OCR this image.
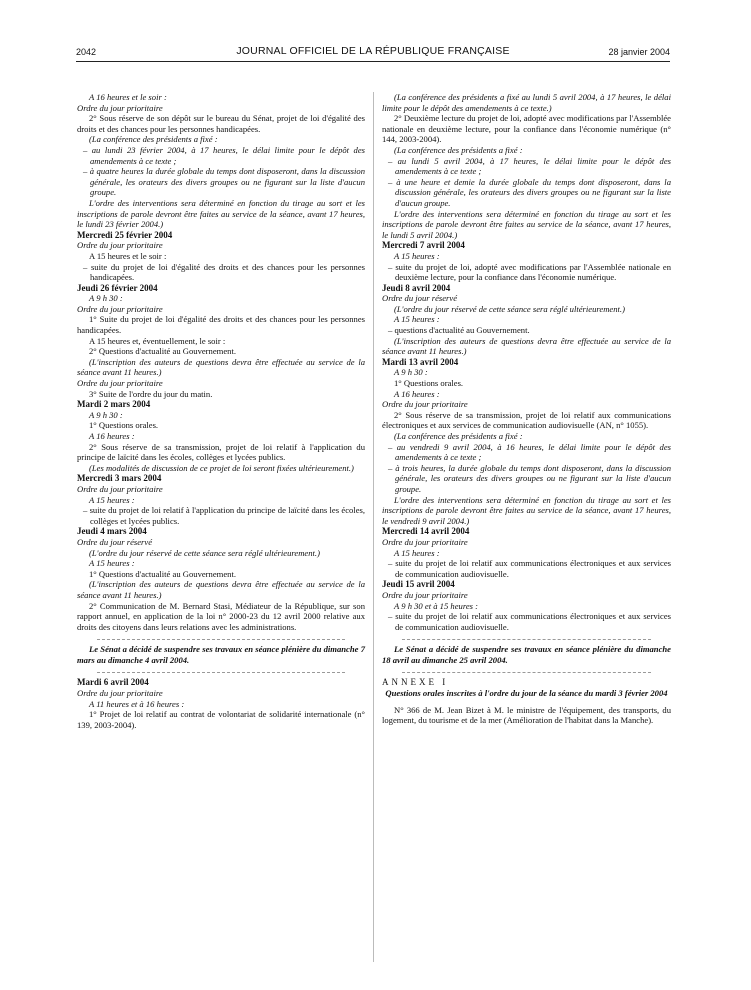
2042	JOURNAL OFFICIEL DE LA RÉPUBLIQUE FRANÇAISE	28 janvier 2004

A 16 heures et le soir :

Ordre du jour prioritaire

2° Sous réserve de son dépôt sur le bureau du Sénat, projet de loi d'égalité des droits et des chances pour les personnes handicapées.

(La conférence des présidents a fixé :

– au lundi 23 février 2004, à 17 heures, le délai limite pour le dépôt des amendements à ce texte ;

– à quatre heures la durée globale du temps dont disposeront, dans la discussion générale, les orateurs des divers groupes ou ne figurant sur la liste d'aucun groupe.

L'ordre des interventions sera déterminé en fonction du tirage au sort et les inscriptions de parole devront être faites au service de la séance, avant 17 heures, le lundi 23 février 2004.)

Mercredi 25 février 2004

Ordre du jour prioritaire

A 15 heures et le soir :

– suite du projet de loi d'égalité des droits et des chances pour les personnes handicapées.

Jeudi 26 février 2004

A 9 h 30 :

Ordre du jour prioritaire

1° Suite du projet de loi d'égalité des droits et des chances pour les personnes handicapées.

A 15 heures et, éventuellement, le soir :

2° Questions d'actualité au Gouvernement.

(L'inscription des auteurs de questions devra être effectuée au service de la séance avant 11 heures.)

Ordre du jour prioritaire

3° Suite de l'ordre du jour du matin.

Mardi 2 mars 2004

A 9 h 30 :

1° Questions orales.

A 16 heures :

2° Sous réserve de sa transmission, projet de loi relatif à l'application du principe de laïcité dans les écoles, collèges et lycées publics.

(Les modalités de discussion de ce projet de loi seront fixées ultérieurement.)

Mercredi 3 mars 2004

Ordre du jour prioritaire

A 15 heures :

– suite du projet de loi relatif à l'application du principe de laïcité dans les écoles, collèges et lycées publics.

Jeudi 4 mars 2004

Ordre du jour réservé

(L'ordre du jour réservé de cette séance sera réglé ultérieurement.)

A 15 heures :

1° Questions d'actualité au Gouvernement.

(L'inscription des auteurs de questions devra être effectuée au service de la séance avant 11 heures.)

2° Communication de M. Bernard Stasi, Médiateur de la République, sur son rapport annuel, en application de la loi n° 2000-23 du 12 avril 2000 relative aux droits des citoyens dans leurs relations avec les administrations.

Le Sénat a décidé de suspendre ses travaux en séance plénière du dimanche 7 mars au dimanche 4 avril 2004.

Mardi 6 avril 2004

Ordre du jour prioritaire

A 11 heures et à 16 heures :

1° Projet de loi relatif au contrat de volontariat de solidarité internationale (n° 139, 2003-2004).

(La conférence des présidents a fixé au lundi 5 avril 2004, à 17 heures, le délai limite pour le dépôt des amendements à ce texte.)

2° Deuxième lecture du projet de loi, adopté avec modifications par l'Assemblée nationale en deuxième lecture, pour la confiance dans l'économie numérique (n° 144, 2003-2004).

(La conférence des présidents a fixé :

– au lundi 5 avril 2004, à 17 heures, le délai limite pour le dépôt des amendements à ce texte ;

– à une heure et demie la durée globale du temps dont disposeront, dans la discussion générale, les orateurs des divers groupes ou ne figurant sur la liste d'aucun groupe.

L'ordre des interventions sera déterminé en fonction du tirage au sort et les inscriptions de parole devront être faites au service de la séance, avant 17 heures, le lundi 5 avril 2004.)

Mercredi 7 avril 2004

A 15 heures :

– suite du projet de loi, adopté avec modifications par l'Assemblée nationale en deuxième lecture, pour la confiance dans l'économie numérique.

Jeudi 8 avril 2004

Ordre du jour réservé

(L'ordre du jour réservé de cette séance sera réglé ultérieurement.)

A 15 heures :

– questions d'actualité au Gouvernement.

(L'inscription des auteurs de questions devra être effectuée au service de la séance avant 11 heures.)

Mardi 13 avril 2004

A 9 h 30 :

1° Questions orales.

A 16 heures :

Ordre du jour prioritaire

2° Sous réserve de sa transmission, projet de loi relatif aux communications électroniques et aux services de communication audiovisuelle (AN, n° 1055).

(La conférence des présidents a fixé :

– au vendredi 9 avril 2004, à 16 heures, le délai limite pour le dépôt des amendements à ce texte ;

– à trois heures, la durée globale du temps dont disposeront, dans la discussion générale, les orateurs des divers groupes ou ne figurant sur la liste d'aucun groupe.

L'ordre des interventions sera déterminé en fonction du tirage au sort et les inscriptions de parole devront être faites au service de la séance, avant 17 heures, le vendredi 9 avril 2004.)

Mercredi 14 avril 2004

Ordre du jour prioritaire

A 15 heures :

– suite du projet de loi relatif aux communications électroniques et aux services de communication audiovisuelle.

Jeudi 15 avril 2004

Ordre du jour prioritaire

A 9 h 30 et à 15 heures :

– suite du projet de loi relatif aux communications électroniques et aux services de communication audiovisuelle.

Le Sénat a décidé de suspendre ses travaux en séance plénière du dimanche 18 avril au dimanche 25 avril 2004.

ANNEXE I

Questions orales inscrites à l'ordre du jour de la séance du mardi 3 février 2004

N° 366 de M. Jean Bizet à M. le ministre de l'équipement, des transports, du logement, du tourisme et de la mer (Amélioration de l'habitat dans la Manche).
